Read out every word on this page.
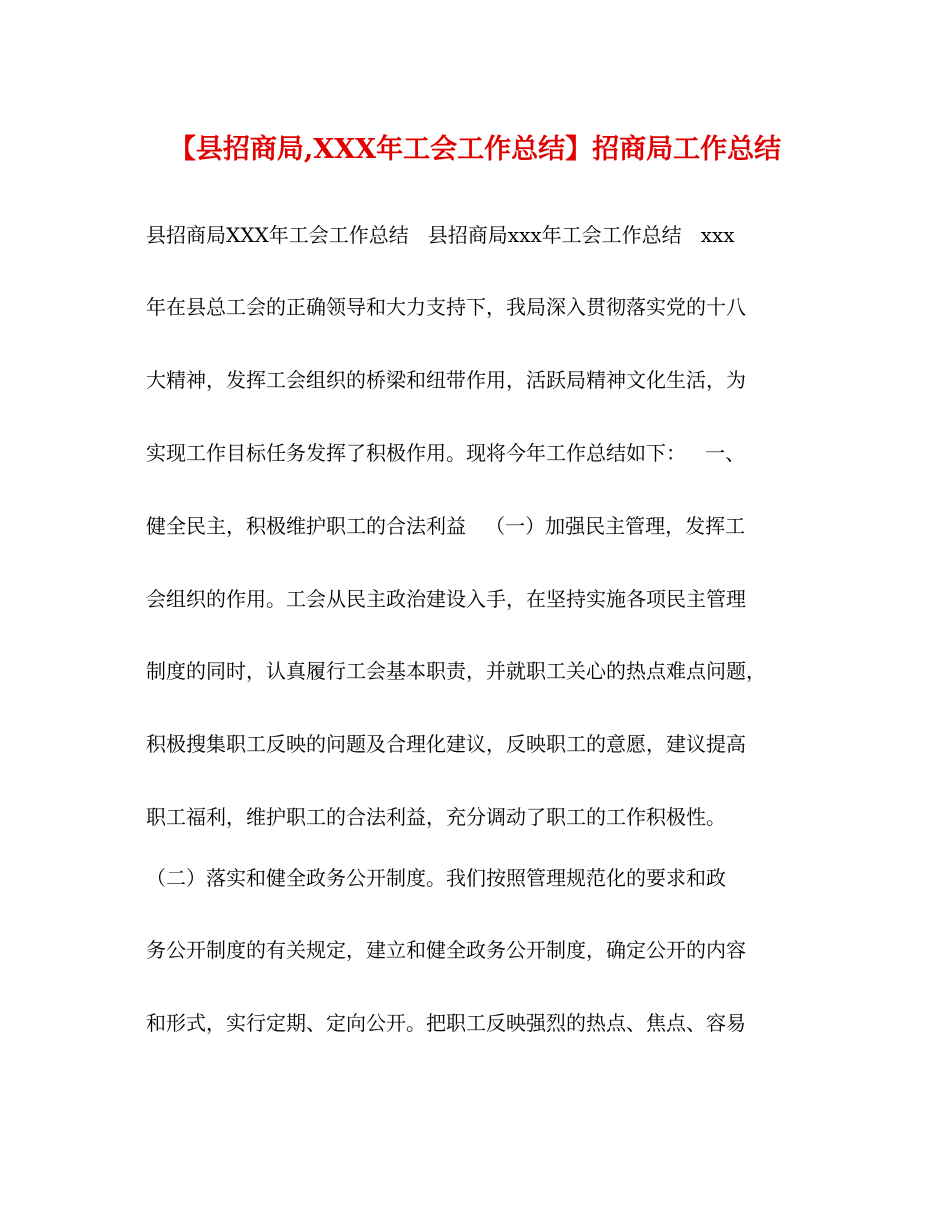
【县招商局,XXX年工会工作总结】招商局工作总结
县招商局XXX年工会工作总结   县招商局xxx年工会工作总结   xxx
年在县总工会的正确领导和大力支持下，我局深入贯彻落实党的十八
大精神，发挥工会组织的桥梁和纽带作用，活跃局精神文化生活，为
实现工作目标任务发挥了积极作用。现将今年工作总结如下：   一、
健全民主，积极维护职工的合法利益   （一）加强民主管理，发挥工
会组织的作用。工会从民主政治建设入手，在坚持实施各项民主管理
制度的同时，认真履行工会基本职责，并就职工关心的热点难点问题，
积极搜集职工反映的问题及合理化建议，反映职工的意愿，建议提高
职工福利，维护职工的合法利益，充分调动了职工的工作积极性。
（二）落实和健全政务公开制度。我们按照管理规范化的要求和政
务公开制度的有关规定，建立和健全政务公开制度，确定公开的内容
和形式，实行定期、定向公开。把职工反映强烈的热点、焦点、容易
